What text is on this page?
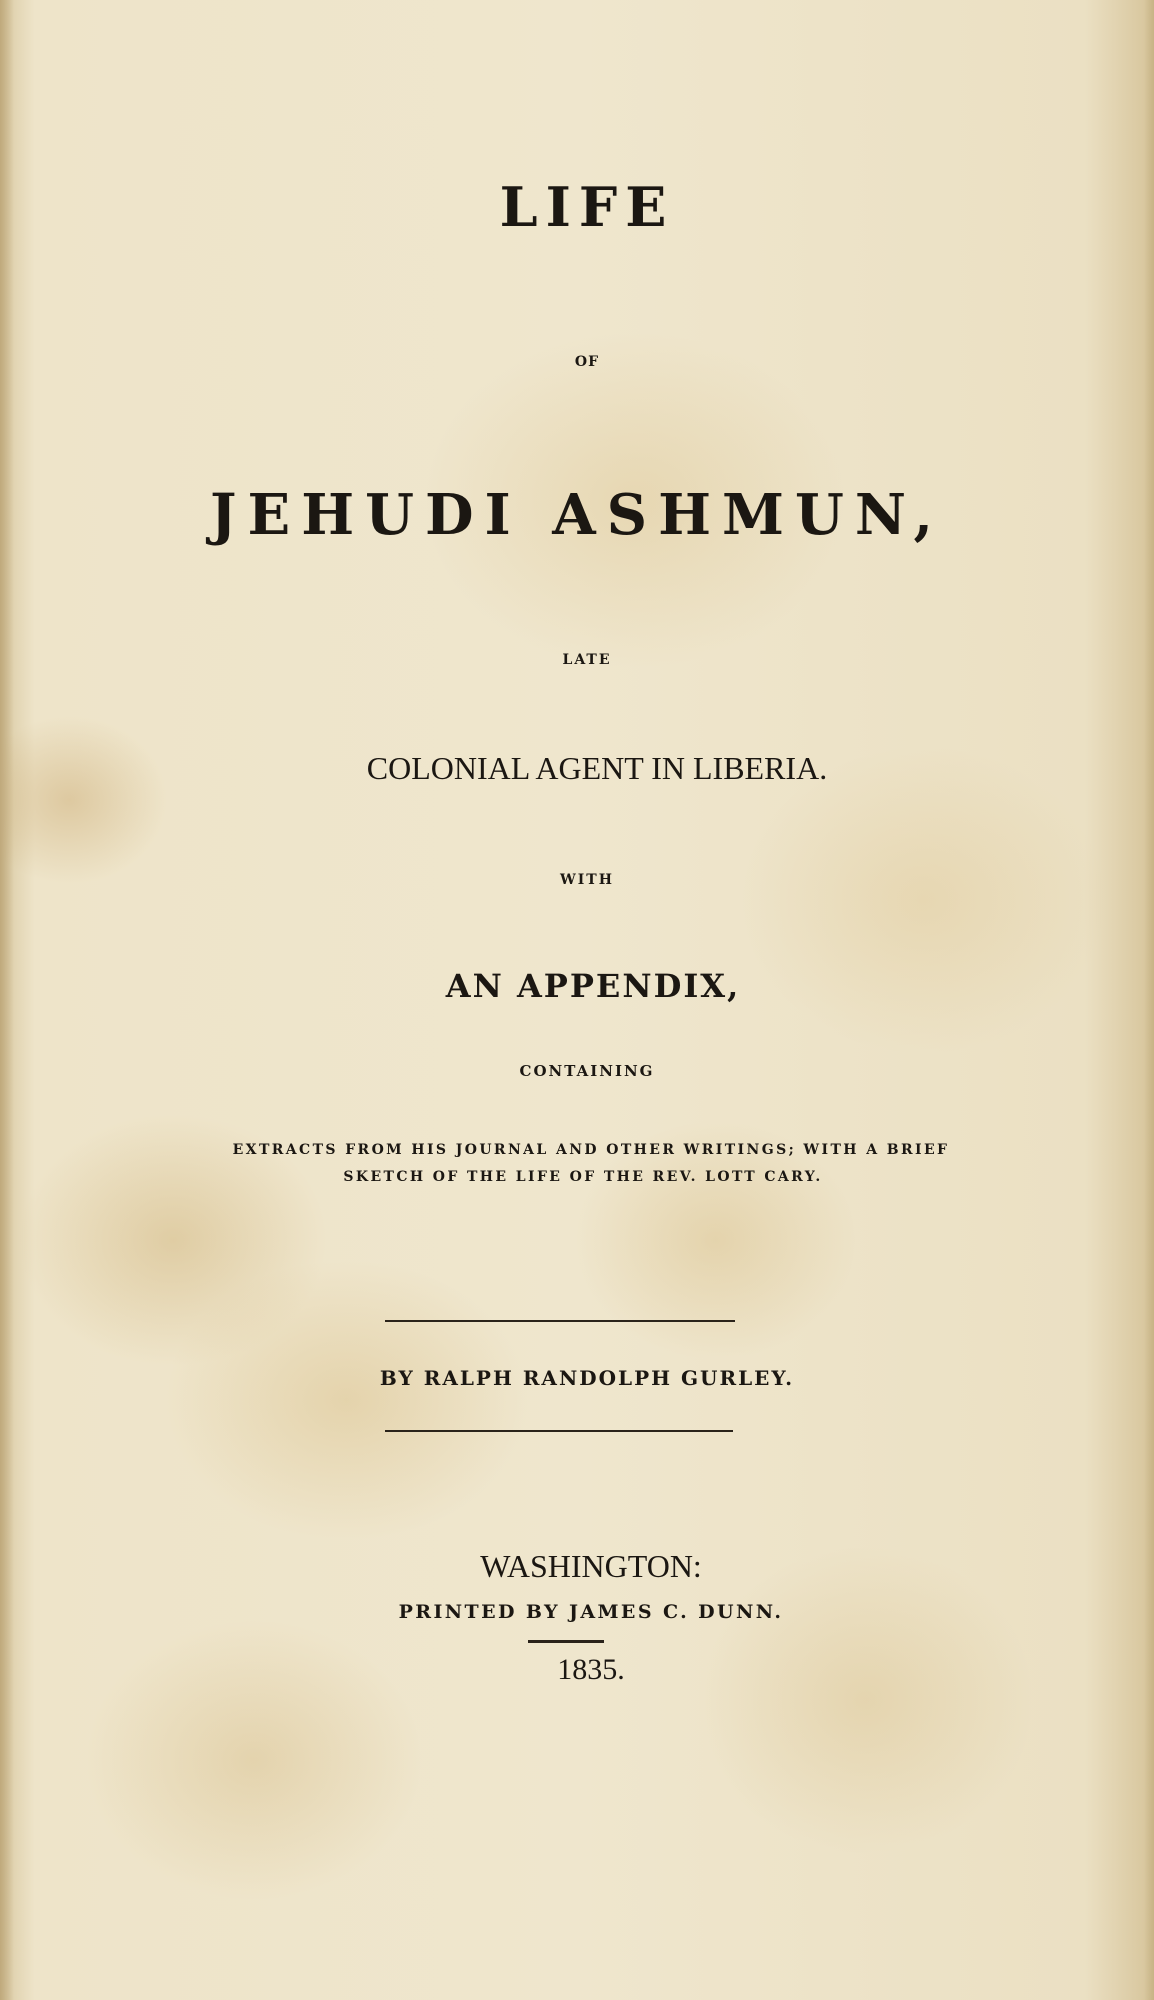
LIFE
OF
JEHUDI ASHMUN,
LATE
COLONIAL AGENT IN LIBERIA.
WITH
AN APPENDIX,
CONTAINING
EXTRACTS FROM HIS JOURNAL AND OTHER WRITINGS; WITH A BRIEF
SKETCH OF THE LIFE OF THE REV. LOTT CARY.
BY RALPH RANDOLPH GURLEY.
WASHINGTON:
PRINTED BY JAMES C. DUNN.
1835.
